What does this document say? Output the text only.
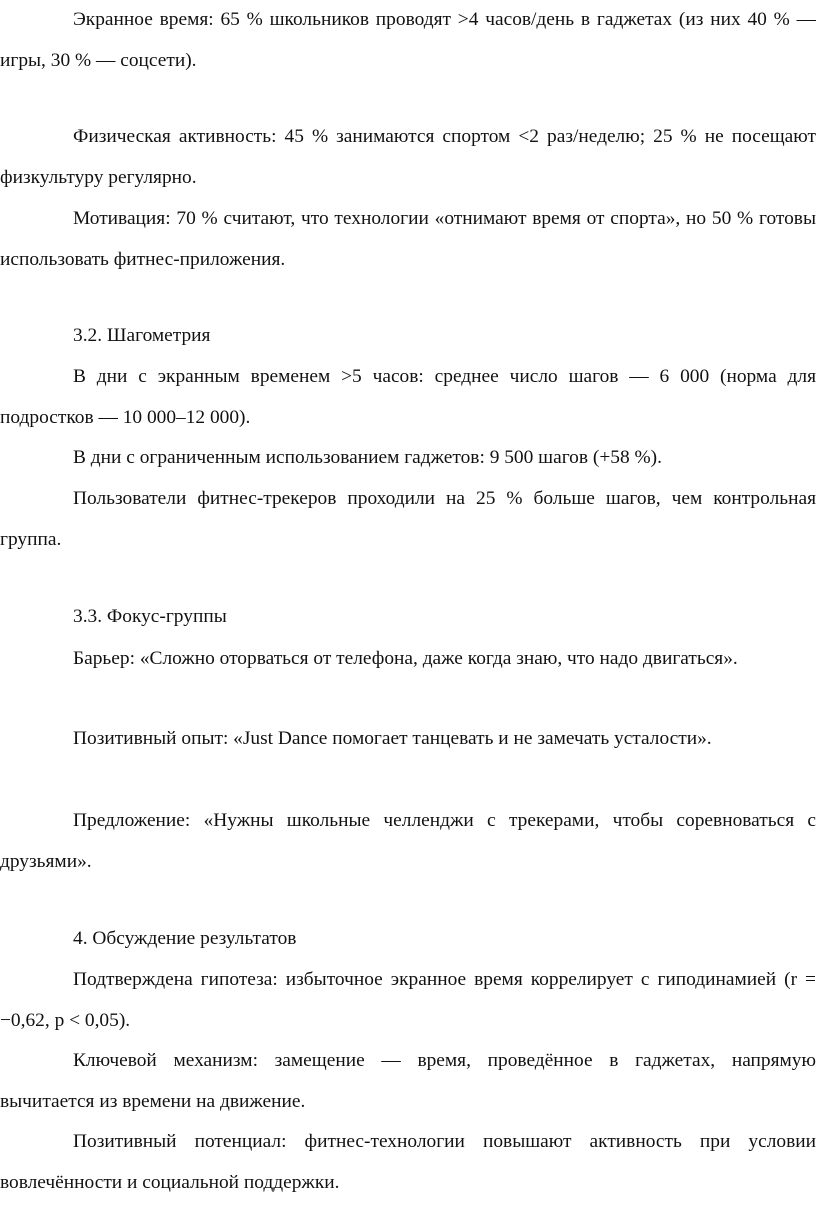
Экранное время: 65 % школьников проводят >4 часов/день в гаджетах (из них 40 % — игры, 30 % — соцсети).

Физическая активность: 45 % занимаются спортом <2 раз/неделю; 25 % не посещают физкультуру регулярно.

Мотивация: 70 % считают, что технологии «отнимают время от спорта», но 50 % готовы использовать фитнес‑приложения.

3.2. Шагометрия

В дни с экранным временем >5 часов: среднее число шагов — 6 000 (норма для подростков — 10 000–12 000).

В дни с ограниченным использованием гаджетов: 9 500 шагов (+58 %).

Пользователи фитнес‑трекеров проходили на 25 % больше шагов, чем контрольная группа.

3.3. Фокус‑группы

Барьер: «Сложно оторваться от телефона, даже когда знаю, что надо двигаться».

Позитивный опыт: «Just Dance помогает танцевать и не замечать усталости».

Предложение: «Нужны школьные челленджи с трекерами, чтобы соревноваться с друзьями».

4. Обсуждение результатов

Подтверждена гипотеза: избыточное экранное время коррелирует с гиподинамией (r = −0,62, p < 0,05).

Ключевой механизм: замещение — время, проведённое в гаджетах, напрямую вычитается из времени на движение.

Позитивный потенциал: фитнес‑технологии повышают активность при условии вовлечённости и социальной поддержки.
